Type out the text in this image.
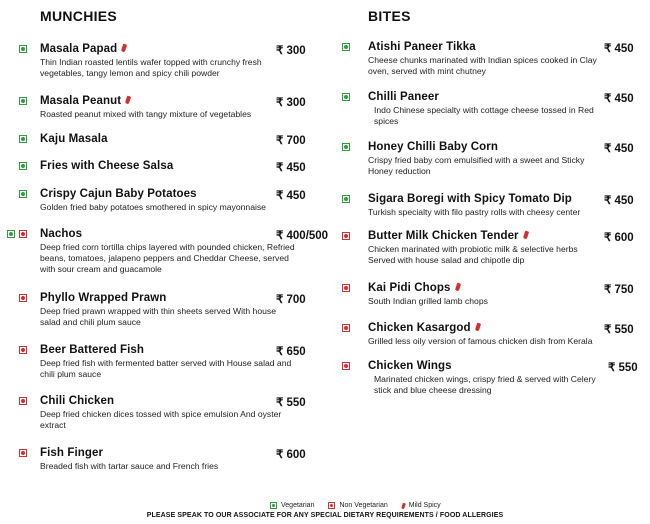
MUNCHIES
Masala Papad	₹ 300
Thin Indian roasted lentils wafer topped with crunchy fresh vegetables, tangy lemon and spicy chili powder
Masala Peanut	₹ 300
Roasted peanut mixed with tangy mixture of vegetables
Kaju Masala	₹ 700
Fries with Cheese Salsa	₹ 450
Crispy Cajun Baby Potatoes	₹ 450
Golden fried baby potatoes smothered in spicy mayonnaise
Nachos	₹ 400/500
Deep fried corn tortilla chips layered with pounded chicken, Refried beans, tomatoes, jalapeno peppers and Cheddar Cheese, served with sour cream and guacamole
Phyllo Wrapped Prawn	₹ 700
Deep fried prawn wrapped with thin sheets served With house salad and chili plum sauce
Beer Battered Fish	₹ 650
Deep fried fish with fermented batter served with House salad and chili plum sauce
Chili Chicken	₹ 550
Deep fried chicken dices tossed with spice emulsion And oyster extract
Fish Finger	₹ 600
Breaded fish with tartar sauce and French fries
BITES
Atishi Paneer Tikka	₹ 450
Cheese chunks marinated with Indian spices cooked in Clay oven, served with mint chutney
Chilli Paneer	₹ 450
Indo Chinese specialty with cottage cheese tossed in Red spices
Honey Chilli Baby Corn	₹ 450
Crispy fried baby corn emulsified with a sweet and Sticky Honey reduction
Sigara Boregi with Spicy Tomato Dip	₹ 450
Turkish specialty with filo pastry rolls with cheesy center
Butter Milk Chicken Tender	₹ 600
Chicken marinated with probiotic milk & selective herbs Served with house salad and chipotle dip
Kai Pidi Chops	₹ 750
South Indian grilled lamb chops
Chicken Kasargod	₹ 550
Grilled less oily version of famous chicken dish from Kerala
Chicken Wings	₹ 550
Marinated chicken wings, crispy fried & served with Celery stick and blue cheese dressing
Vegetarian	Non Vegetarian	Mild Spicy
PLEASE SPEAK TO OUR ASSOCIATE FOR ANY SPECIAL DIETARY REQUIREMENTS / FOOD ALLERGIES
